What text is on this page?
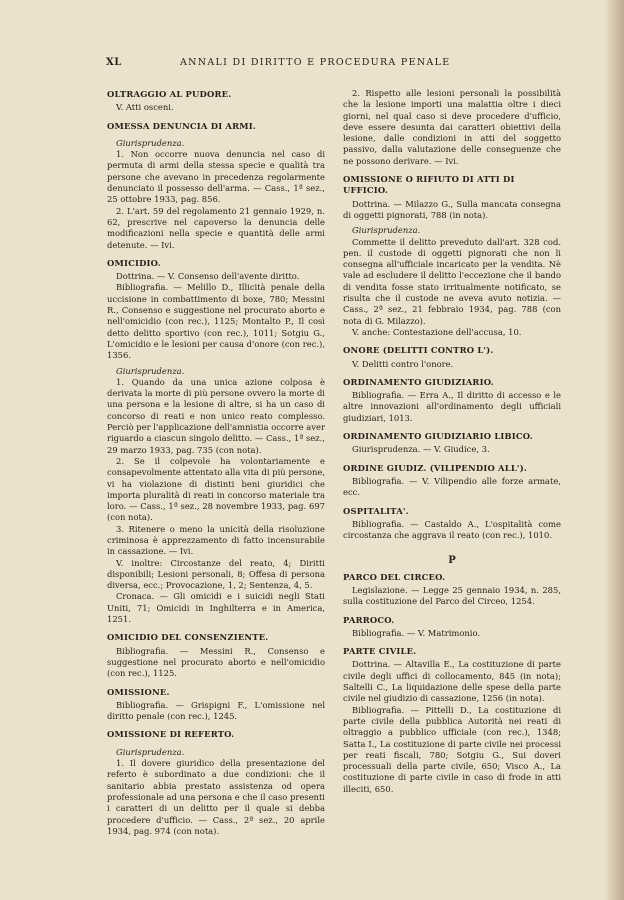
XL	ANNALI DI DIRITTO E PROCEDURA PENALE

OLTRAGGIO AL PUDORE.

V. Atti osceni.

OMESSA DENUNCIA DI ARMI.

Giurisprudenza.

1. Non occorre nuova denuncia nel caso di permuta di armi della stessa specie e qualità tra persone che avevano in precedenza regolarmente denunciato il possesso dell'arma. — Cass., 1ª sez., 25 ottobre 1933, pag. 856.

2. L'art. 59 del regolamento 21 gennaio 1929, n. 62, prescrive nel capoverso la denuncia delle modificazioni nella specie e quantità delle armi detenute. — Ivi.

OMICIDIO.

Dottrina. — V. Consenso dell'avente diritto.

Bibliografia. — Melillo D., Illicità penale della uccisione in combattimento di boxe, 780; Messini R., Consenso e suggestione nel procurato aborto e nell'omicidio (con rec.), 1125; Montalto P., Il così detto delitto sportivo (con rec.), 1011; Sotgiu G., L'omicidio e le lesioni per causa d'onore (con rec.), 1356.

Giurisprudenza.

1. Quando da una unica azione colposa è derivata la morte di più persone ovvero la morte di una persona e la lesione di altre, si ha un caso di concorso di reati e non unico reato complesso. Perciò per l'applicazione dell'amnistia occorre aver riguardo a ciascun singolo delitto. — Cass., 1ª sez., 29 marzo 1933, pag. 735 (con nota).

2. Se il colpevole ha volontariamente e consapevolmente attentato alla vita di più persone, vi ha violazione di distinti beni giuridici che importa pluralità di reati in concorso materiale tra loro. — Cass., 1ª sez., 28 novembre 1933, pag. 697 (con nota).

3. Ritenere o meno la unicità della risoluzione criminosa è apprezzamento di fatto incensurabile in cassazione. — Ivi.

V. inoltre: Circostanze del reato, 4; Diritti disponibili; Lesioni personali, 8; Offesa di persona diversa, ecc.; Provocazione, 1, 2; Sentenza, 4, 5.

Cronaca. — Gli omicidi e i suicidi negli Stati Uniti, 71; Omicidi in Inghilterra e in America, 1251.

OMICIDIO DEL CONSENZIENTE.

Bibliografia. — Messini R., Consenso e suggestione nel procurato aborto e nell'omicidio (con rec.), 1125.

OMISSIONE.

Bibliografia. — Grispigni F., L'omissione nel diritto penale (con rec.), 1245.

OMISSIONE DI REFERTO.

Giurisprudenza.

1. Il dovere giuridico della presentazione del referto è subordinato a due condizioni: che il sanitario abbia prestato assistenza od opera professionale ad una persona e che il caso presenti i caratteri di un delitto per il quale si debba procedere d'ufficio. — Cass., 2ª sez., 20 aprile 1934, pag. 974 (con nota).

2. Rispetto alle lesioni personali la possibilità che la lesione importi una malattia oltre i dieci giorni, nel qual caso si deve procedere d'ufficio, deve essere desunta dai caratteri obiettivi della lesione, dalle condizioni in atti del soggetto passivo, dalla valutazione delle conseguenze che ne possono derivare. — Ivi.

OMISSIONE O RIFIUTO DI ATTI DI UFFICIO.

Dottrina. — Milazzo G., Sulla mancata consegna di oggetti pignorati, 788 (in nota).

Giurisprudenza.

Commette il delitto preveduto dall'art. 328 cod. pen. il custode di oggetti pignorati che non li consegna all'ufficiale incaricato per la vendita. Nè vale ad escludere il delitto l'eccezione che il bando di vendita fosse stato irritualmente notificato, se risulta che il custode ne aveva avuto notizia. — Cass., 2ª sez., 21 febbraio 1934, pag. 788 (con nota di G. Milazzo).

V. anche: Contestazione dell'accusa, 10.

ONORE (DELITTI CONTRO L').

V. Delitti contro l'onore.

ORDINAMENTO GIUDIZIARIO.

Bibliografia. — Erra A., Il diritto di accesso e le altre innovazioni all'ordinamento degli ufficiali giudiziari, 1013.

ORDINAMENTO GIUDIZIARIO LIBICO.

Giurisprudenza. — V. Giudice, 3.

ORDINE GIUDIZ. (VILIPENDIO ALL').

Bibliografia. — V. Vilipendio alle forze armate, ecc.

OSPITALITA'.

Bibliografia. — Castaldo A., L'ospitalità come circostanza che aggrava il reato (con rec.), 1010.

P

PARCO DEL CIRCEO.

Legislazione. — Legge 25 gennaio 1934, n. 285, sulla costituzione del Parco del Circeo, 1254.

PARROCO.

Bibliografia. — V. Matrimonio.

PARTE CIVILE.

Dottrina. — Altavilla E., La costituzione di parte civile degli uffici di collocamento, 845 (in nota); Saltelli C., La liquidazione delle spese della parte civile nel giudizio di cassazione, 1256 (in nota).

Bibliografia. — Pittelli D., La costituzione di parte civile della pubblica Autorità nei reati di oltraggio a pubblico ufficiale (con rec.), 1348; Satta I., La costituzione di parte civile nei processi per reati fiscali, 780; Sotgiu G., Sui doveri processuali della parte civile, 650; Visco A., La costituzione di parte civile in caso di frode in atti illeciti, 650.
